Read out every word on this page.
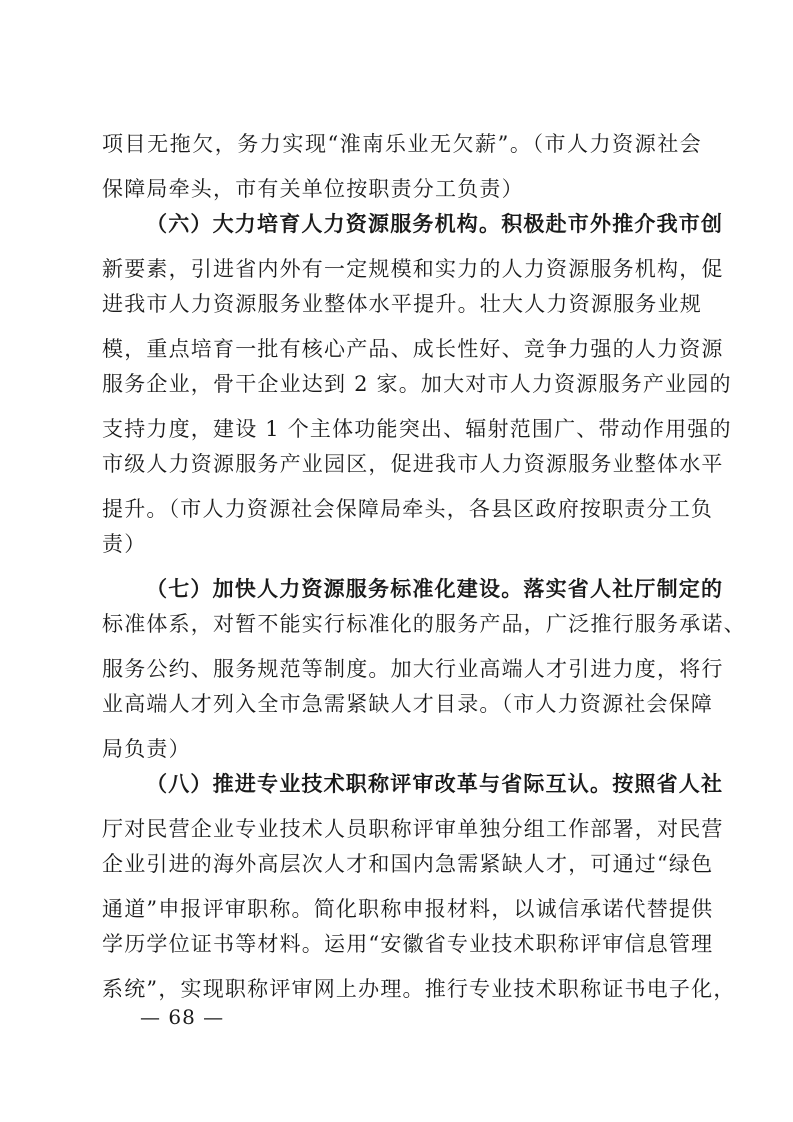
项目无拖欠，务力实现“淮南乐业无欠薪”。（市人力资源社会
保障局牵头，市有关单位按职责分工负责）
（六）大力培育人力资源服务机构。积极赴市外推介我市创
新要素，引进省内外有一定规模和实力的人力资源服务机构，促
进我市人力资源服务业整体水平提升。壮大人力资源服务业规
模，重点培育一批有核心产品、成长性好、竞争力强的人力资源
服务企业，骨干企业达到 2 家。加大对市人力资源服务产业园的
支持力度，建设 1 个主体功能突出、辐射范围广、带动作用强的
市级人力资源服务产业园区，促进我市人力资源服务业整体水平
提升。（市人力资源社会保障局牵头，各县区政府按职责分工负
责）
（七）加快人力资源服务标准化建设。落实省人社厅制定的
标准体系，对暂不能实行标准化的服务产品，广泛推行服务承诺、
服务公约、服务规范等制度。加大行业高端人才引进力度，将行
业高端人才列入全市急需紧缺人才目录。（市人力资源社会保障
局负责）
（八）推进专业技术职称评审改革与省际互认。按照省人社
厅对民营企业专业技术人员职称评审单独分组工作部署，对民营
企业引进的海外高层次人才和国内急需紧缺人才，可通过“绿色
通道”申报评审职称。简化职称申报材料，以诚信承诺代替提供
学历学位证书等材料。运用“安徽省专业技术职称评审信息管理
系统”，实现职称评审网上办理。推行专业技术职称证书电子化，
— 68 —
